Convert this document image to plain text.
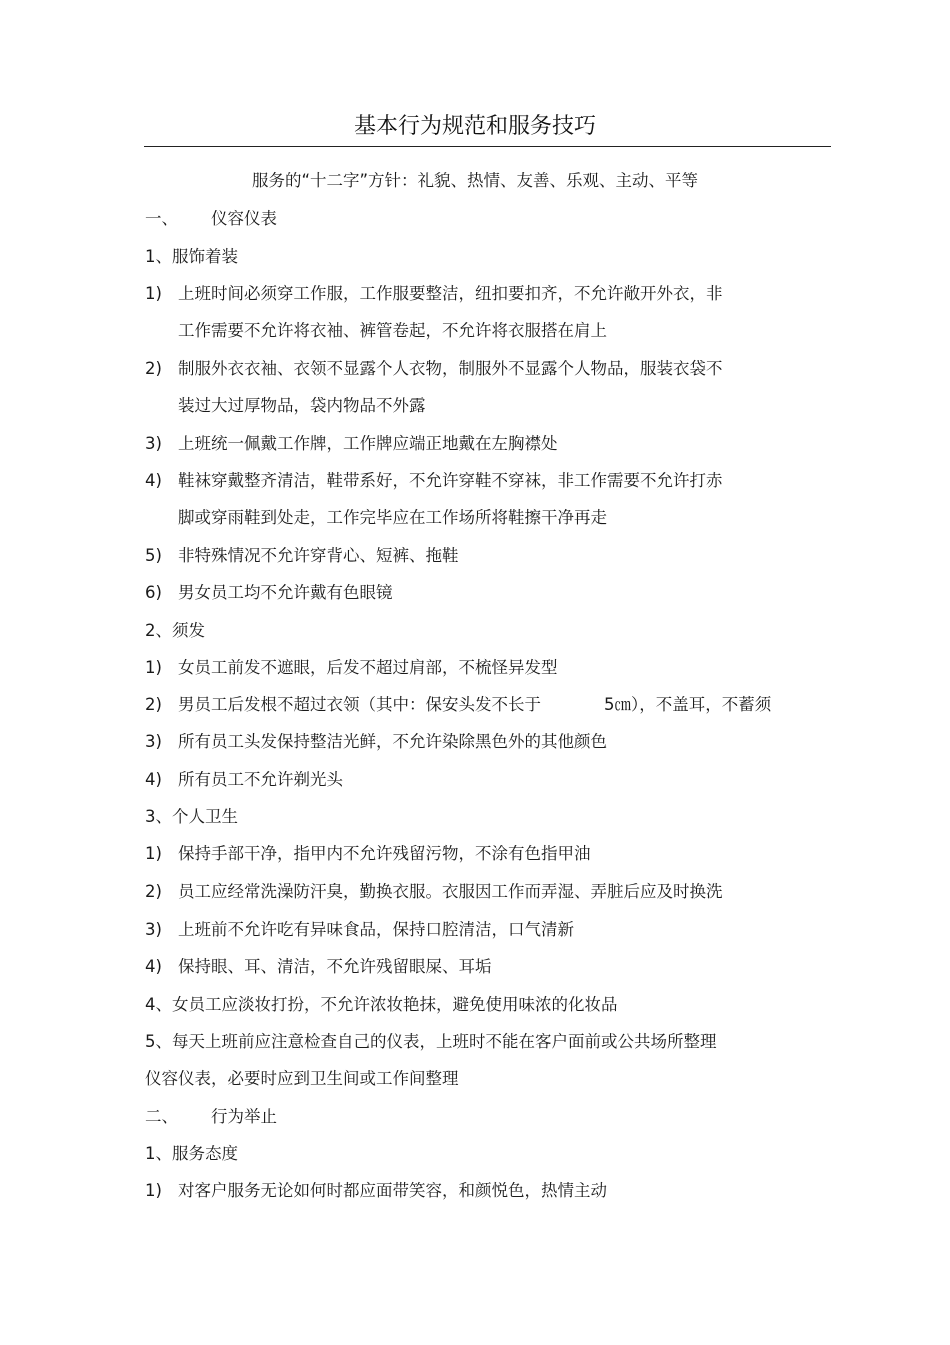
基本行为规范和服务技巧
服务的“十二字”方针：礼貌、热情、友善、乐观、主动、平等
一、 仪容仪表
1、服饰着装
1) 上班时间必须穿工作服，工作服要整洁，纽扣要扣齐，不允许敞开外衣，非
工作需要不允许将衣袖、裤管卷起，不允许将衣服搭在肩上
2) 制服外衣衣袖、衣领不显露个人衣物，制服外不显露个人物品，服装衣袋不
装过大过厚物品，袋内物品不外露
3) 上班统一佩戴工作牌，工作牌应端正地戴在左胸襟处
4) 鞋袜穿戴整齐清洁，鞋带系好，不允许穿鞋不穿袜，非工作需要不允许打赤
脚或穿雨鞋到处走，工作完毕应在工作场所将鞋擦干净再走
5) 非特殊情况不允许穿背心、短裤、拖鞋
6) 男女员工均不允许戴有色眼镜
2、须发
1) 女员工前发不遮眼，后发不超过肩部，不梳怪异发型
2) 男员工后发根不超过衣领（其中：保安头发不长于	5㎝），不盖耳，不蓄须
3) 所有员工头发保持整洁光鲜，不允许染除黑色外的其他颜色
4) 所有员工不允许剃光头
3、个人卫生
1) 保持手部干净，指甲内不允许残留污物，不涂有色指甲油
2) 员工应经常洗澡防汗臭，勤换衣服。衣服因工作而弄湿、弄脏后应及时换洗
3) 上班前不允许吃有异味食品，保持口腔清洁，口气清新
4) 保持眼、耳、清洁，不允许残留眼屎、耳垢
4、女员工应淡妆打扮，不允许浓妆艳抹，避免使用味浓的化妆品
5、每天上班前应注意检查自己的仪表，上班时不能在客户面前或公共场所整理
仪容仪表，必要时应到卫生间或工作间整理
二、 行为举止
1、服务态度
1) 对客户服务无论如何时都应面带笑容，和颜悦色，热情主动
